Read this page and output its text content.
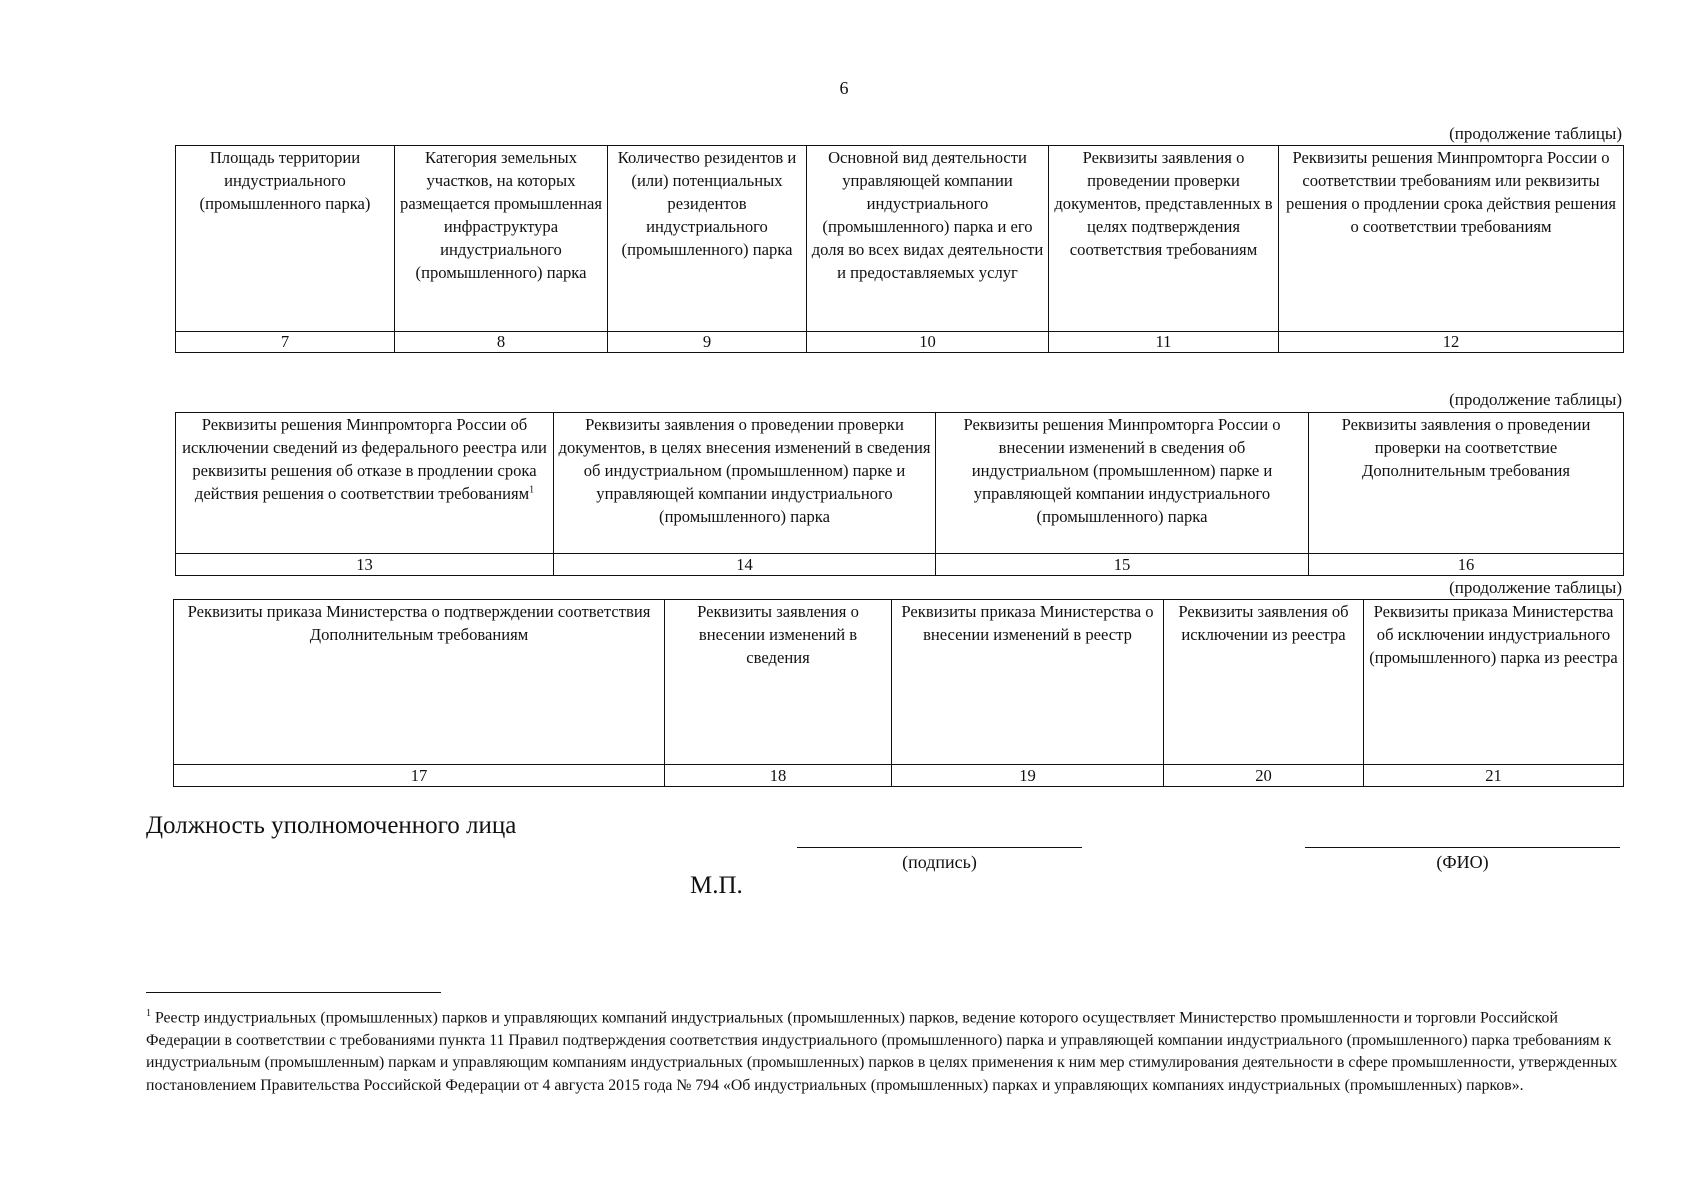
6
(продолжение таблицы)
Площадь территории индустриального (промышленного парка)	Категория земельных участков, на которых размещается промышленная инфраструктура индустриального (промышленного) парка	Количество резидентов и (или) потенциальных резидентов индустриального (промышленного) парка	Основной вид деятельности управляющей компании индустриального (промышленного) парка и его доля во всех видах деятельности и предоставляемых услуг	Реквизиты заявления о проведении проверки документов, представленных в целях подтверждения соответствия требованиям	Реквизиты решения Минпромторга России о соответствии требованиям или реквизиты решения о продлении срока действия решения о соответствии требованиям
7	8	9	10	11	12
(продолжение таблицы)
Реквизиты решения Минпромторга России об исключении сведений из федерального реестра или реквизиты решения об отказе в продлении срока действия решения о соответствии требованиям$^1$	Реквизиты заявления о проведении проверки документов, в целях внесения изменений в сведения об индустриальном (промышленном) парке и управляющей компании индустриального (промышленного) парка	Реквизиты решения Минпромторга России о внесении изменений в сведения об индустриальном (промышленном) парке и управляющей компании индустриального (промышленного) парка	Реквизиты заявления о проведении проверки на соответствие Дополнительным требования
13	14	15	16
(продолжение таблицы)
Реквизиты приказа Министерства о подтверждении соответствия Дополнительным требованиям	Реквизиты заявления о внесении изменений в сведения	Реквизиты приказа Министерства о внесении изменений в реестр	Реквизиты заявления об исключении из реестра	Реквизиты приказа Министерства об исключении индустриального (промышленного) парка из реестра
17	18	19	20	21
Должность уполномоченного лица
(подпись)	(ФИО)
М.П.
$^1$ Реестр индустриальных (промышленных) парков и управляющих компаний индустриальных (промышленных) парков, ведение которого осуществляет Министерство промышленности и торговли Российской Федерации в соответствии с требованиями пункта 11 Правил подтверждения соответствия индустриального (промышленного) парка и управляющей компании индустриального (промышленного) парка требованиям к индустриальным (промышленным) паркам и управляющим компаниям индустриальных (промышленных) парков в целях применения к ним мер стимулирования деятельности в сфере промышленности, утвержденных постановлением Правительства Российской Федерации от 4 августа 2015 года № 794 «Об индустриальных (промышленных) парках и управляющих компаниях индустриальных (промышленных) парков».
